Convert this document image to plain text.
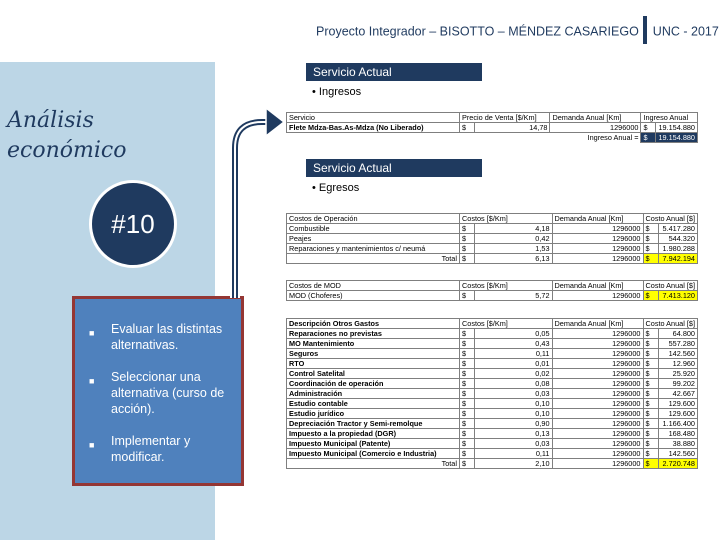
Proyecto Integrador – BISOTTO – MÉNDEZ CASARIEGO UNC - 2017
Análisis
económico
#10
■ Evaluar las distintas alternativas.
■ Seleccionar una alternativa (curso de acción).
■ Implementar y modificar.
Servicio Actual
• Ingresos
Servicio	Precio de Venta [$/Km]		Demanda Anual [Km]	Ingreso Anual	
Flete Mdza-Bas.As-Mdza (No Liberado)	$	14,78	1296000	$	19.154.880
Ingreso Anual =				$	19.154.880
Servicio Actual
• Egresos
Costos de Operación	Costos [$/Km]		Demanda Anual [Km]	Costo Anual [$]	
Combustible	$	4,18	1296000	$	5.417.280
Peajes	$	0,42	1296000	$	544.320
Reparaciones y mantenimientos c/ neumá	$	1,53	1296000	$	1.980.288
Total	$	6,13	1296000	$	7.942.194
Costos de MOD	Costos [$/Km]		Demanda Anual [Km]	Costo Anual [$]	
MOD (Choferes)	$	5,72	1296000	$	7.413.120
Descripción Otros Gastos	Costos [$/Km]		Demanda Anual [Km]	Costo Anual [$]	
Reparaciones no previstas	$	0,05	1296000	$	64.800
MO Mantenimiento	$	0,43	1296000	$	557.280
Seguros	$	0,11	1296000	$	142.560
RTO	$	0,01	1296000	$	12.960
Control Satelital	$	0,02	1296000	$	25.920
Coordinación de operación	$	0,08	1296000	$	99.202
Administración	$	0,03	1296000	$	42.667
Estudio contable	$	0,10	1296000	$	129.600
Estudio jurídico	$	0,10	1296000	$	129.600
Depreciación Tractor y Semi-remolque	$	0,90	1296000	$	1.166.400
Impuesto a la propiedad (DGR)	$	0,13	1296000	$	168.480
Impuesto Municipal (Patente)	$	0,03	1296000	$	38.880
Impuesto Municipal (Comercio e Industria)	$	0,11	1296000	$	142.560
Total	$	2,10	1296000	$	2.720.748
